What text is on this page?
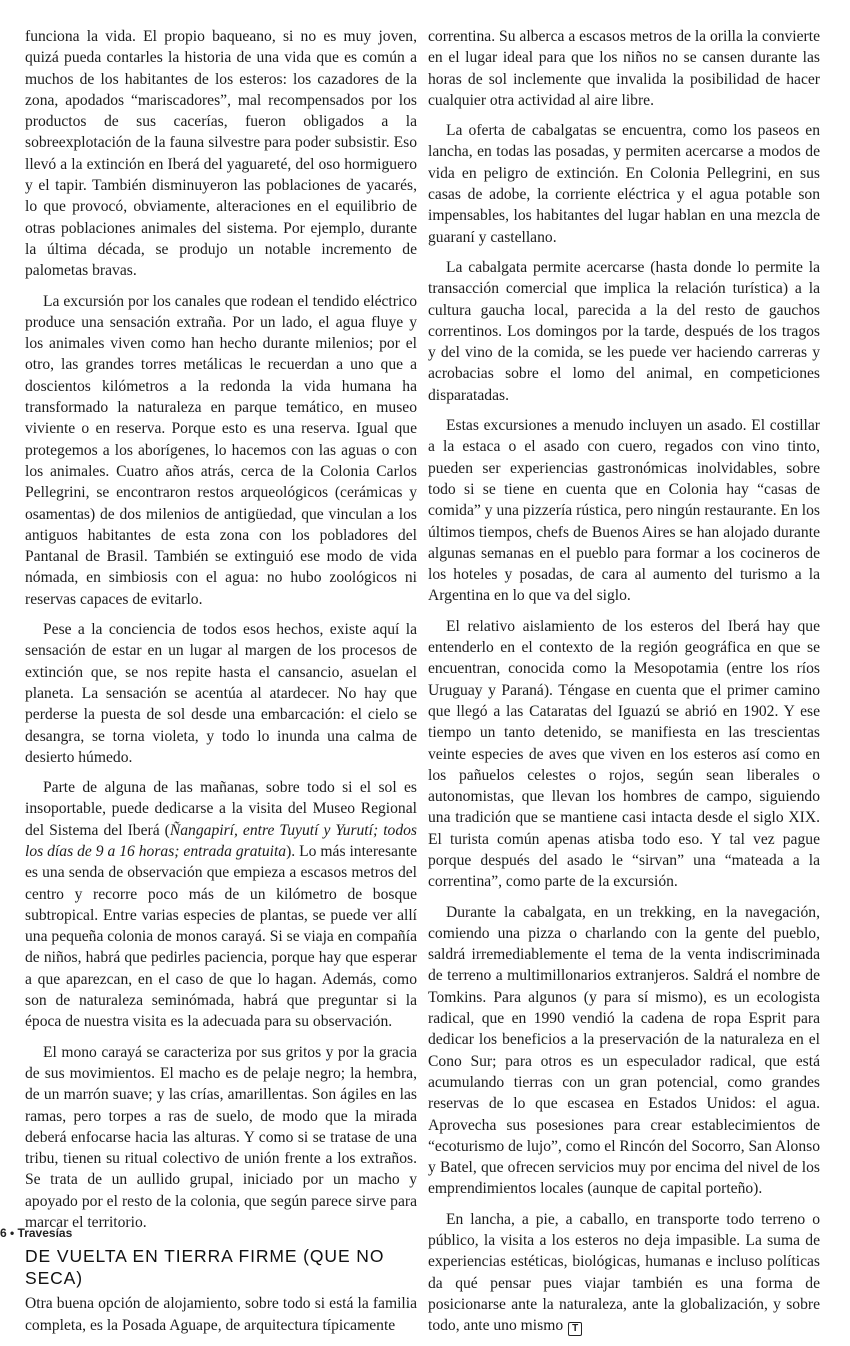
funciona la vida. El propio baqueano, si no es muy joven, quizá pueda contarles la historia de una vida que es común a muchos de los habitantes de los esteros: los cazadores de la zona, apodados “mariscadores”, mal recompensados por los productos de sus cacerías, fueron obligados a la sobreexplotación de la fauna silvestre para poder subsistir. Eso llevó a la extinción en Iberá del yaguareté, del oso hormiguero y el tapir. También disminuyeron las poblaciones de yacarés, lo que provocó, obviamente, alteraciones en el equilibrio de otras poblaciones animales del sistema. Por ejemplo, durante la última década, se produjo un notable incremento de palometas bravas.

La excursión por los canales que rodean el tendido eléctrico produce una sensación extraña. Por un lado, el agua fluye y los animales viven como han hecho durante milenios; por el otro, las grandes torres metálicas le recuerdan a uno que a doscientos kilómetros a la redonda la vida humana ha transformado la naturaleza en parque temático, en museo viviente o en reserva. Porque esto es una reserva. Igual que protegemos a los aborígenes, lo hacemos con las aguas o con los animales. Cuatro años atrás, cerca de la Colonia Carlos Pellegrini, se encontraron restos arqueológicos (cerámicas y osamentas) de dos milenios de antigüedad, que vinculan a los antiguos habitantes de esta zona con los pobladores del Pantanal de Brasil. También se extinguió ese modo de vida nómada, en simbiosis con el agua: no hubo zoológicos ni reservas capaces de evitarlo.

Pese a la conciencia de todos esos hechos, existe aquí la sensación de estar en un lugar al margen de los procesos de extinción que, se nos repite hasta el cansancio, asuelan el planeta. La sensación se acentúa al atardecer. No hay que perderse la puesta de sol desde una embarcación: el cielo se desangra, se torna violeta, y todo lo inunda una calma de desierto húmedo.

Parte de alguna de las mañanas, sobre todo si el sol es insoportable, puede dedicarse a la visita del Museo Regional del Sistema del Iberá (Ñangapirí, entre Tuyutí y Yurutí; todos los días de 9 a 16 horas; entrada gratuita). Lo más interesante es una senda de observación que empieza a escasos metros del centro y recorre poco más de un kilómetro de bosque subtropical. Entre varias especies de plantas, se puede ver allí una pequeña colonia de monos carayá. Si se viaja en compañía de niños, habrá que pedirles paciencia, porque hay que esperar a que aparezcan, en el caso de que lo hagan. Además, como son de naturaleza seminómada, habrá que preguntar si la época de nuestra visita es la adecuada para su observación.

El mono carayá se caracteriza por sus gritos y por la gracia de sus movimientos. El macho es de pelaje negro; la hembra, de un marrón suave; y las crías, amarillentas. Son ágiles en las ramas, pero torpes a ras de suelo, de modo que la mirada deberá enfocarse hacia las alturas. Y como si se tratase de una tribu, tienen su ritual colectivo de unión frente a los extraños. Se trata de un aullido grupal, iniciado por un macho y apoyado por el resto de la colonia, que según parece sirve para marcar el territorio.

DE VUELTA EN TIERRA FIRME (QUE NO SECA)

Otra buena opción de alojamiento, sobre todo si está la familia completa, es la Posada Aguape, de arquitectura típicamente

correntina. Su alberca a escasos metros de la orilla la convierte en el lugar ideal para que los niños no se cansen durante las horas de sol inclemente que invalida la posibilidad de hacer cualquier otra actividad al aire libre.

La oferta de cabalgatas se encuentra, como los paseos en lancha, en todas las posadas, y permiten acercarse a modos de vida en peligro de extinción. En Colonia Pellegrini, en sus casas de adobe, la corriente eléctrica y el agua potable son impensables, los habitantes del lugar hablan en una mezcla de guaraní y castellano.

La cabalgata permite acercarse (hasta donde lo permite la transacción comercial que implica la relación turística) a la cultura gaucha local, parecida a la del resto de gauchos correntinos. Los domingos por la tarde, después de los tragos y del vino de la comida, se les puede ver haciendo carreras y acrobacias sobre el lomo del animal, en competiciones disparatadas.

Estas excursiones a menudo incluyen un asado. El costillar a la estaca o el asado con cuero, regados con vino tinto, pueden ser experiencias gastronómicas inolvidables, sobre todo si se tiene en cuenta que en Colonia hay “casas de comida” y una pizzería rústica, pero ningún restaurante. En los últimos tiempos, chefs de Buenos Aires se han alojado durante algunas semanas en el pueblo para formar a los cocineros de los hoteles y posadas, de cara al aumento del turismo a la Argentina en lo que va del siglo.

El relativo aislamiento de los esteros del Iberá hay que entenderlo en el contexto de la región geográfica en que se encuentran, conocida como la Mesopotamia (entre los ríos Uruguay y Paraná). Téngase en cuenta que el primer camino que llegó a las Cataratas del Iguazú se abrió en 1902. Y ese tiempo un tanto detenido, se manifiesta en las trescientas veinte especies de aves que viven en los esteros así como en los pañuelos celestes o rojos, según sean liberales o autonomistas, que llevan los hombres de campo, siguiendo una tradición que se mantiene casi intacta desde el siglo XIX. El turista común apenas atisba todo eso. Y tal vez pague porque después del asado le “sirvan” una “mateada a la correntina”, como parte de la excursión.

Durante la cabalgata, en un trekking, en la navegación, comiendo una pizza o charlando con la gente del pueblo, saldrá irremediablemente el tema de la venta indiscriminada de terreno a multimillonarios extranjeros. Saldrá el nombre de Tomkins. Para algunos (y para sí mismo), es un ecologista radical, que en 1990 vendió la cadena de ropa Esprit para dedicar los beneficios a la preservación de la naturaleza en el Cono Sur; para otros es un especulador radical, que está acumulando tierras con un gran potencial, como grandes reservas de lo que escasea en Estados Unidos: el agua. Aprovecha sus posesiones para crear establecimientos de “ecoturismo de lujo”, como el Rincón del Socorro, San Alonso y Batel, que ofrecen servicios muy por encima del nivel de los emprendimientos locales (aunque de capital porteño).

En lancha, a pie, a caballo, en transporte todo terreno o público, la visita a los esteros no deja impasible. La suma de experiencias estéticas, biológicas, humanas e incluso políticas da qué pensar pues viajar también es una forma de posicionarse ante la naturaleza, ante la globalización, y sobre todo, ante uno mismo T

6 • Travesías
